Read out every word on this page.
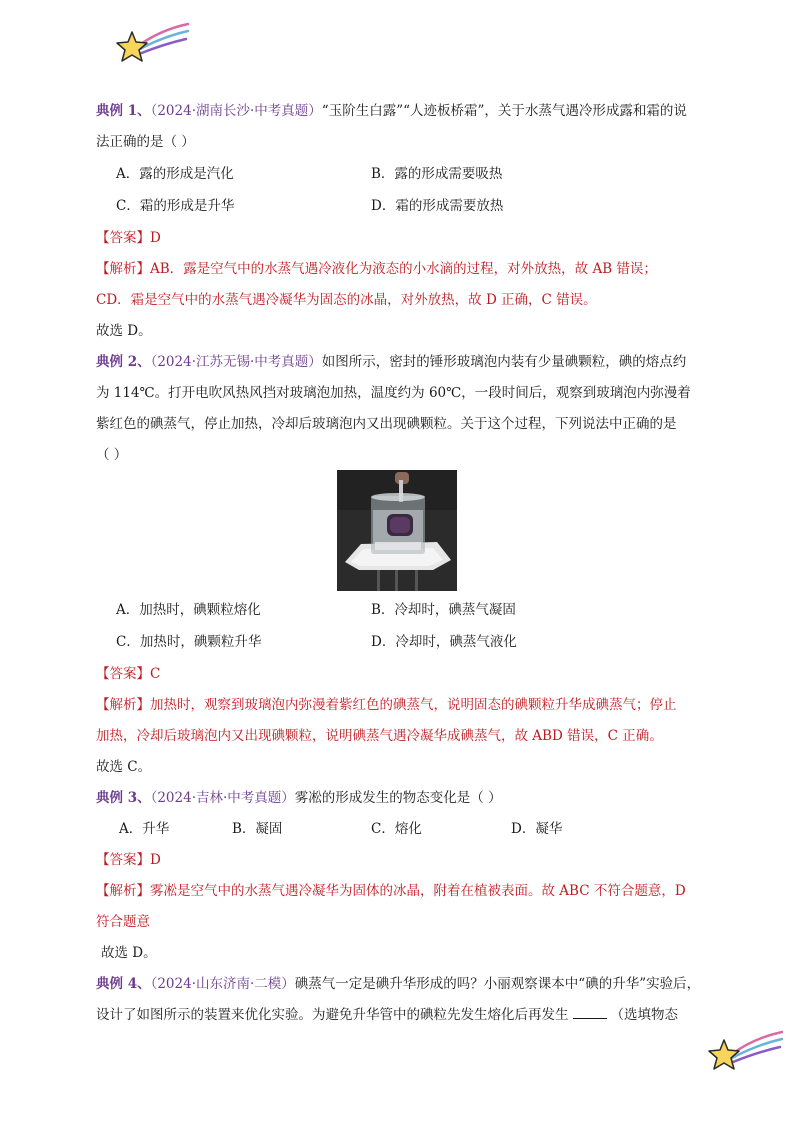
典例 1、（2024·湖南长沙·中考真题）“玉阶生白露”“人迹板桥霜”，关于水蒸气遇冷形成露和霜的说
法正确的是（ ）
A．露的形成是汽化	B．露的形成需要吸热
C．霜的形成是升华	D．霜的形成需要放热
【答案】D
【解析】AB．露是空气中的水蒸气遇冷液化为液态的小水滴的过程，对外放热，故 AB 错误；
CD．霜是空气中的水蒸气遇冷凝华为固态的冰晶，对外放热，故 D 正确，C 错误。
故选 D。
典例 2、（2024·江苏无锡·中考真题）如图所示，密封的锤形玻璃泡内装有少量碘颗粒，碘的熔点约
为 114℃。打开电吹风热风挡对玻璃泡加热，温度约为 60℃，一段时间后，观察到玻璃泡内弥漫着
紫红色的碘蒸气，停止加热，冷却后玻璃泡内又出现碘颗粒。关于这个过程，下列说法中正确的是
（ ）
A．加热时，碘颗粒熔化	B．冷却时，碘蒸气凝固
C．加热时，碘颗粒升华	D．冷却时，碘蒸气液化
【答案】C
【解析】加热时，观察到玻璃泡内弥漫着紫红色的碘蒸气，说明固态的碘颗粒升华成碘蒸气；停止
加热，冷却后玻璃泡内又出现碘颗粒，说明碘蒸气遇冷凝华成碘蒸气，故 ABD 错误，C 正确。
故选 C。
典例 3、（2024·吉林·中考真题）雾凇的形成发生的物态变化是（ ）
A．升华	B．凝固	C．熔化	D．凝华
【答案】D
【解析】雾凇是空气中的水蒸气遇冷凝华为固体的冰晶，附着在植被表面。故 ABC 不符合题意，D
符合题意
故选 D。
典例 4、（2024·山东济南·二模）碘蒸气一定是碘升华形成的吗？小丽观察课本中“碘的升华”实验后，
设计了如图所示的装置来优化实验。为避免升华管中的碘粒先发生熔化后再发生	（选填物态
